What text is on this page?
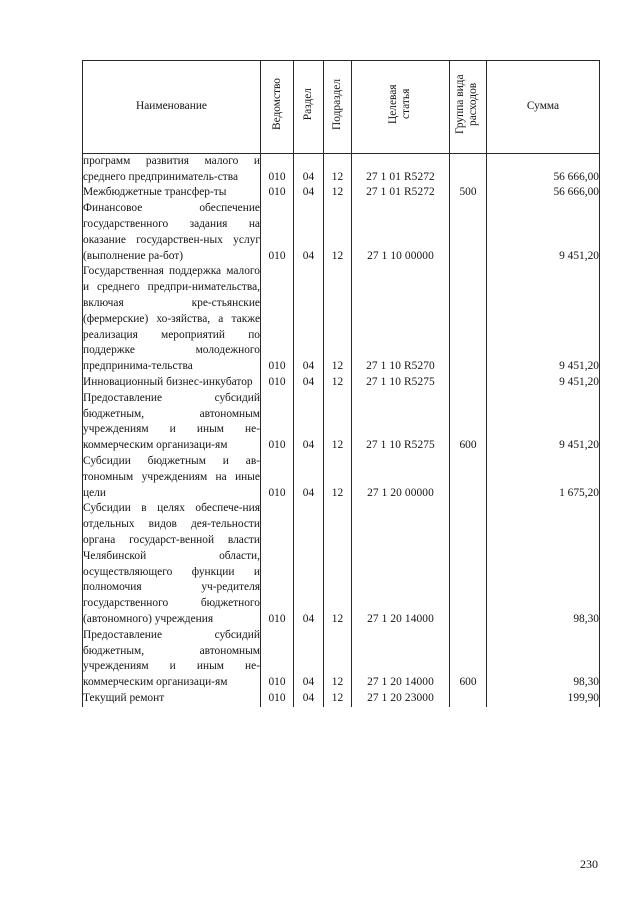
Наименование	Ведомство	Раздел	Подраздел	Целевая статья	Группа вида расходов	Сумма
программ развития малого и среднего предприниматель-ства	010	04	12	27 1 01 R5272		56 666,00
Межбюджетные трансфер-ты	010	04	12	27 1 01 R5272	500	56 666,00
Финансовое обеспечение государственного задания на оказание государствен-ных услуг (выполнение ра-бот)	010	04	12	27 1 10 00000		9 451,20
Государственная поддержка малого и среднего предпри-нимательства, включая кре-стьянские (фермерские) хо-зяйства, а также реализация мероприятий по поддержке молодежного предпринима-тельства	010	04	12	27 1 10 R5270		9 451,20
Инновационный бизнес-инкубатор	010	04	12	27 1 10 R5275		9 451,20
Предоставление субсидий бюджетным, автономным учреждениям и иным не-коммерческим организаци-ям	010	04	12	27 1 10 R5275	600	9 451,20
Субсидии бюджетным и ав-тономным учреждениям на иные цели	010	04	12	27 1 20 00000		1 675,20
Субсидии в целях обеспече-ния отдельных видов дея-тельности органа государст-венной власти Челябинской области, осуществляющего функции и полномочия уч-редителя государственного бюджетного (автономного) учреждения	010	04	12	27 1 20 14000		98,30
Предоставление субсидий бюджетным, автономным учреждениям и иным не-коммерческим организаци-ям	010	04	12	27 1 20 14000	600	98,30
Текущий ремонт	010	04	12	27 1 20 23000		199,90
230
